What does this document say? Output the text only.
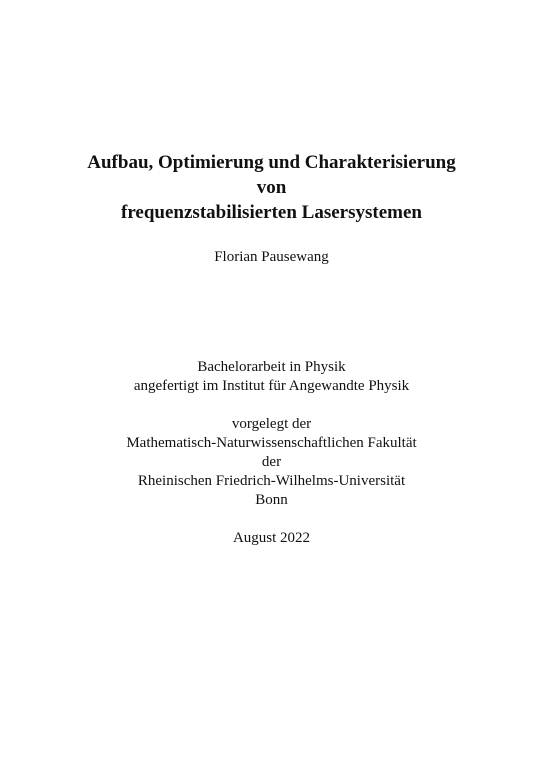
Aufbau, Optimierung und Charakterisierung
von
frequenzstabilisierten Lasersystemen
Florian Pausewang
Bachelorarbeit in Physik
angefertigt im Institut für Angewandte Physik
vorgelegt der
Mathematisch-Naturwissenschaftlichen Fakultät
der
Rheinischen Friedrich-Wilhelms-Universität
Bonn
August 2022
